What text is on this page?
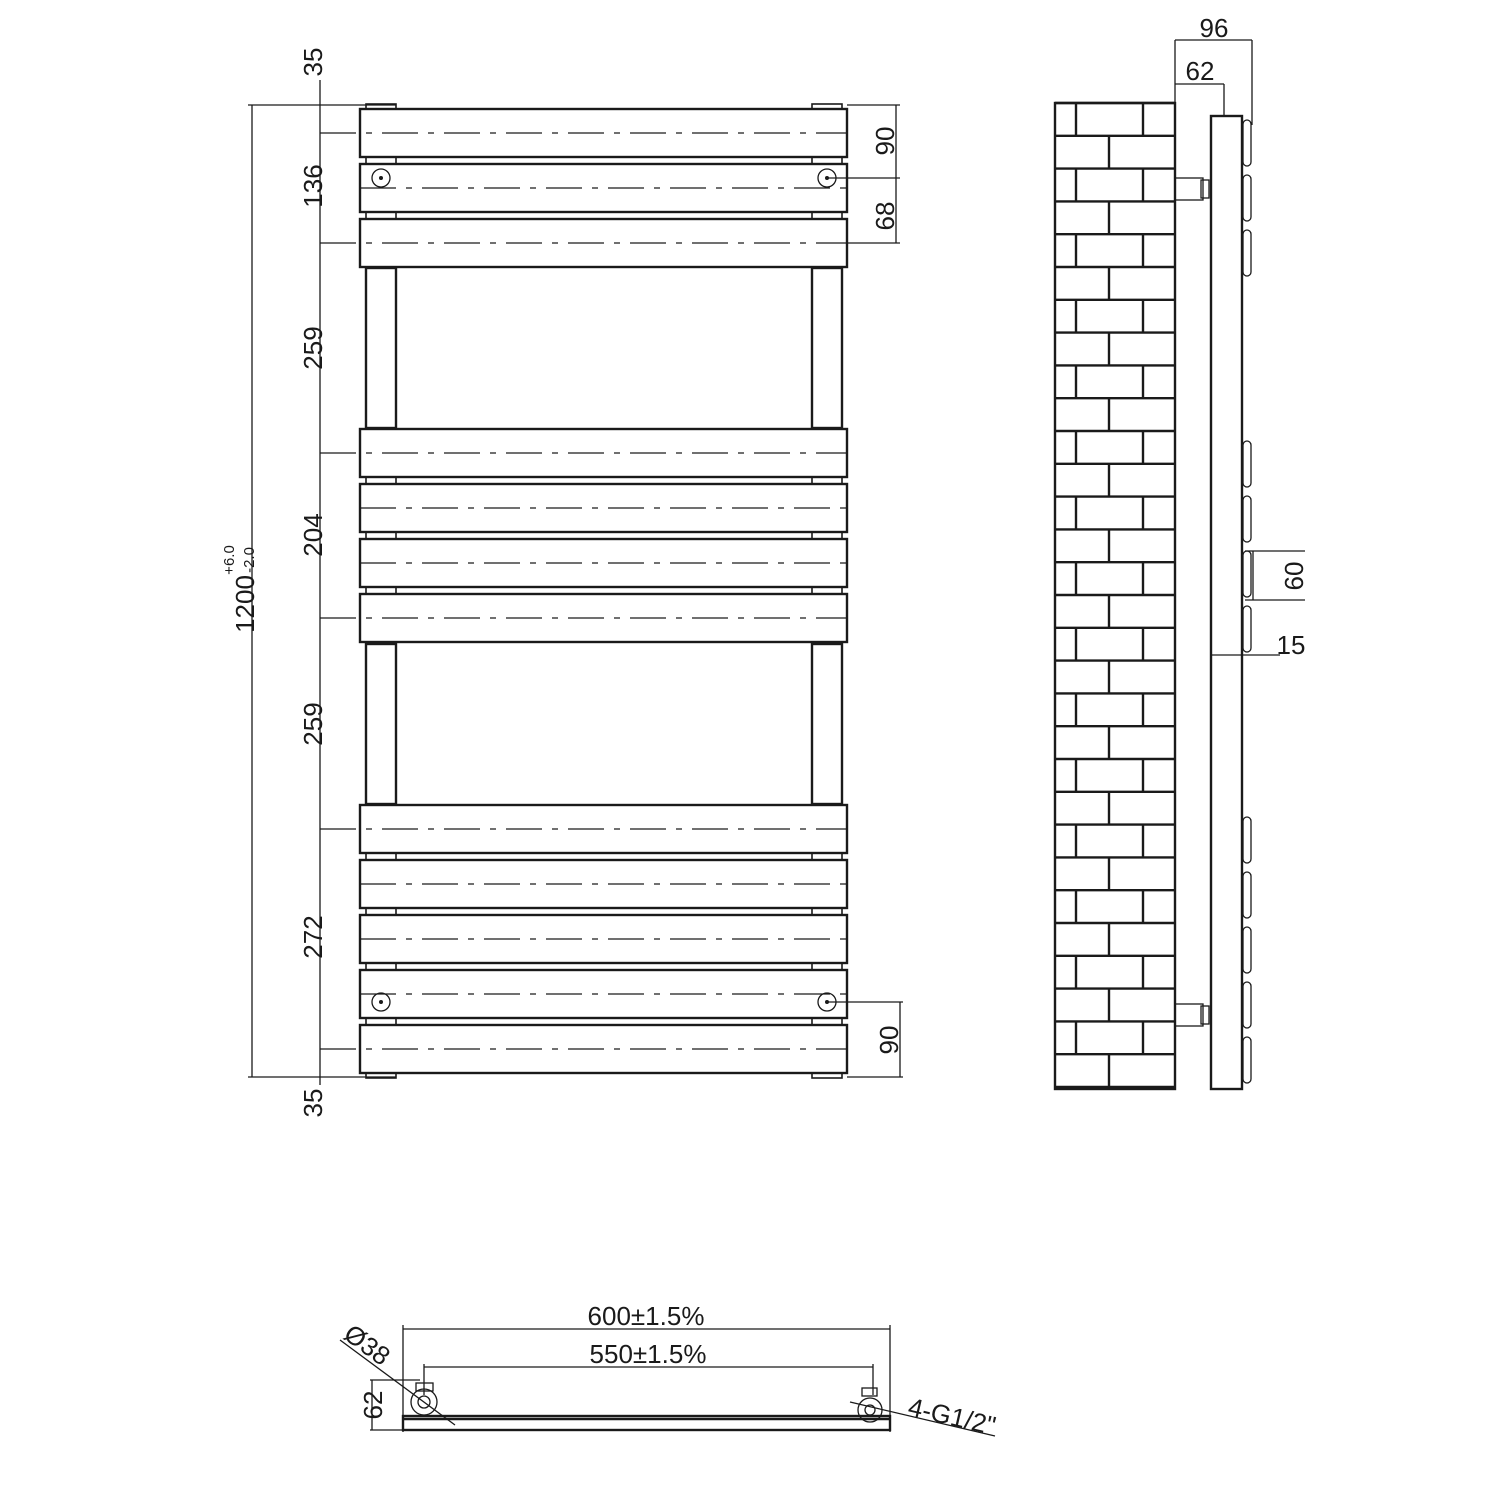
35
136
259
204
259
272
35
1200
+6.0 -2.0
90
68
90
96
62
60
15
600±1.5%
550±1.5%
Ø38
62	4-G1/2"
